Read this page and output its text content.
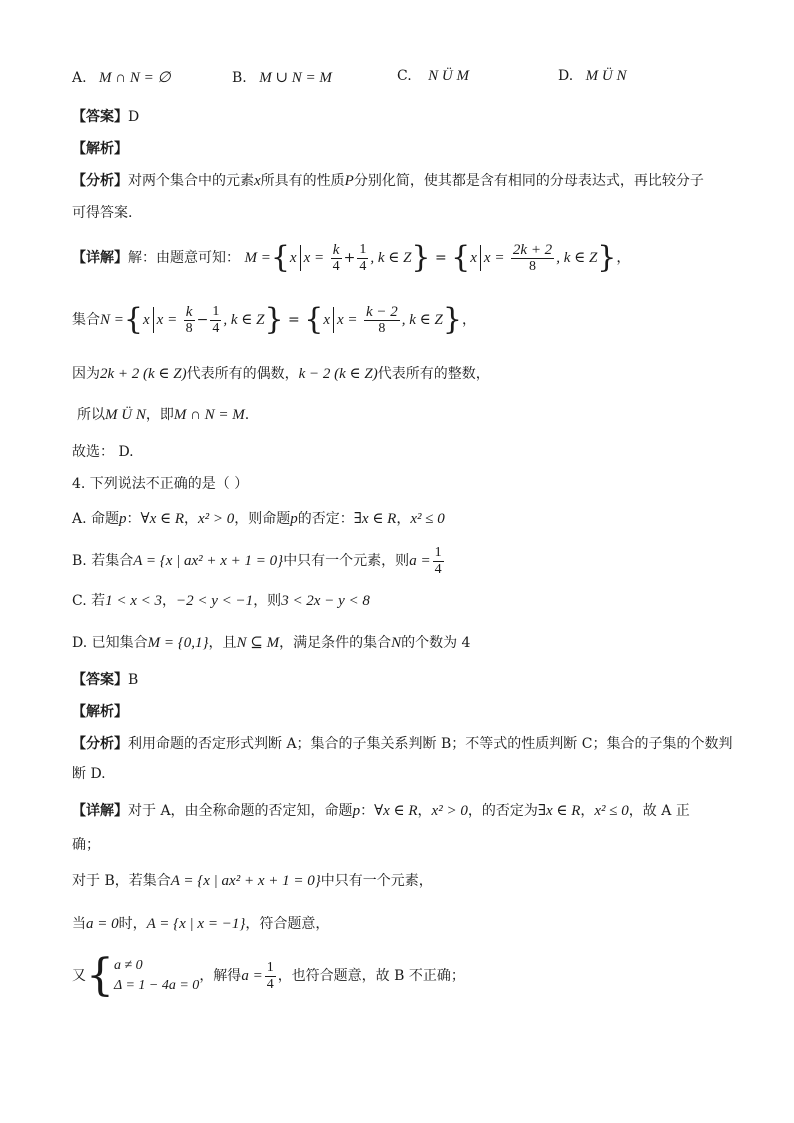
A. M ∩ N = ∅	B. M ∪ N = M	C. N Ü M	D. M Ü N
【答案】D
【解析】
【分析】对两个集合中的元素x所具有的性质P分别化简，使其都是含有相同的分母表达式，再比较分子
可得答案.
【详解】解：由题意可知： M ={x $x = \frac{k}{4} + \frac{1}{4}$ , k ∈ Z} = {x $x = \frac{2k + 2}{8}$ , k ∈ Z}，
集合N ={x $x = \frac{k}{8} - \frac{1}{4}$ , k ∈ Z} = {x $x = \frac{k - 2}{8}$ , k ∈ Z}，
因为2k + 2 (k ∈ Z)代表所有的偶数，k − 2 (k ∈ Z)代表所有的整数，
所以M Ü N，即M ∩ N = M.
故选： D.
4. 下列说法不正确的是（ ）
A. 命题p：∀x ∈ R，x² > 0，则命题p的否定：∃x ∈ R，x² ≤ 0
B. 若集合A = {x | ax² + x + 1 = 0}中只有一个元素，则$a = \frac{1}{4}$
C. 若1 < x < 3，−2 < y < −1，则3 < 2x − y < 8
D. 已知集合M = {0,1}，且N ⊆ M，满足条件的集合N的个数为 4
【答案】B
【解析】
【分析】利用命题的否定形式判断 A；集合的子集关系判断 B；不等式的性质判断 C；集合的子集的个数判
断 D.
【详解】对于 A，由全称命题的否定知，命题p：∀x ∈ R，x² > 0，的否定为∃x ∈ R，x² ≤ 0，故 A 正
确；
对于 B，若集合A = {x | ax² + x + 1 = 0}中只有一个元素，
当a = 0时，A = {x | x = −1}，符合题意，
又{ a ≠ 0
Δ = 1 − 4a = 0
，解得$a = \frac{1}{4}$ ，也符合题意，故 B 不正确；
